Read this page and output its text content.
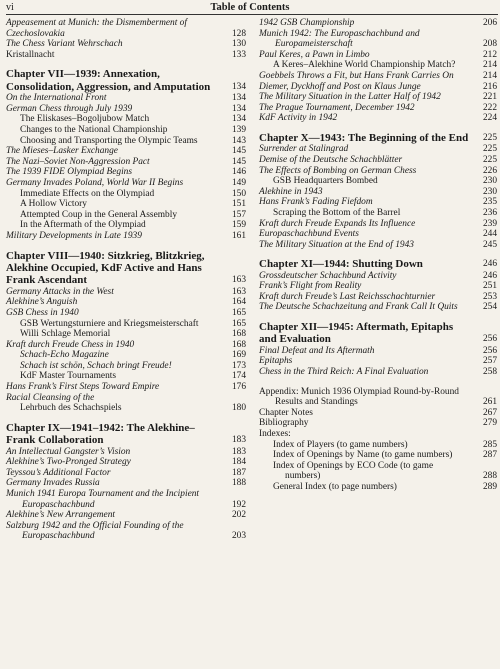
vi	Table of Contents
Appeasement at Munich: the Dismemberment of Czechoslovakia	128
The Chess Variant Wehrschach	130
Kristallnacht	133
Chapter VII—1939: Annexation, Consolidation, Aggression, and Amputation	134
On the International Front	134
German Chess through July 1939	134
The Eliskases–Bogoljubow Match	134
Changes to the National Championship	139
Choosing and Transporting the Olympic Teams	143
The Mieses–Lasker Exchange	145
The Nazi–Soviet Non-Aggression Pact	145
The 1939 FIDE Olympiad Begins	146
Germany Invades Poland, World War II Begins	149
Immediate Effects on the Olympiad	150
A Hollow Victory	151
Attempted Coup in the General Assembly	157
In the Aftermath of the Olympiad	159
Military Developments in Late 1939	161
Chapter VIII—1940: Sitzkrieg, Blitzkrieg, Alekhine Occupied, KdF Active and Hans Frank Ascendant	163
Germany Attacks in the West	163
Alekhine’s Anguish	164
GSB Chess in 1940	165
GSB Wertungsturniere and Kriegsmeisterschaft	165
Willi Schlage Memorial	168
Kraft durch Freude Chess in 1940	168
Schach-Echo Magazine	169
Schach ist schön, Schach bringt Freude!	173
KdF Master Tournaments	174
Hans Frank’s First Steps Toward Empire	176
Racial Cleansing of the
Lehrbuch des Schachspiels	180
Chapter IX—1941–1942: The Alekhine–Frank Collaboration	183
An Intellectual Gangster’s Vision	183
Alekhine’s Two-Pronged Strategy	184
Teyssou’s Additional Factor	187
Germany Invades Russia	188
Munich 1941 Europa Tournament and the Incipient Europaschachbund	192
Alekhine’s New Arrangement	202
Salzburg 1942 and the Official Founding of the Europaschachbund	203
1942 GSB Championship	206
Munich 1942: The Europaschachbund and Europameisterschaft	208
Paul Keres, a Pawn in Limbo	212
A Keres–Alekhine World Championship Match?	214
Goebbels Throws a Fit, but Hans Frank Carries On	214
Diemer, Dyckhoff and Post on Klaus Junge	216
The Military Situation in the Latter Half of 1942	221
The Prague Tournament, December 1942	222
KdF Activity in 1942	224
Chapter X—1943: The Beginning of the End	225
Surrender at Stalingrad	225
Demise of the Deutsche Schachblätter	225
The Effects of Bombing on German Chess	226
GSB Headquarters Bombed	230
Alekhine in 1943	230
Hans Frank’s Fading Fiefdom	235
Scraping the Bottom of the Barrel	236
Kraft durch Freude Expands Its Influence	239
Europaschachbund Events	244
The Military Situation at the End of 1943	245
Chapter XI—1944: Shutting Down	246
Grossdeutscher Schachbund Activity	246
Frank’s Flight from Reality	251
Kraft durch Freude’s Last Reichsschachturnier	253
The Deutsche Schachzeitung and Frank Call It Quits	254
Chapter XII—1945: Aftermath, Epitaphs and Evaluation	256
Final Defeat and Its Aftermath	256
Epitaphs	257
Chess in the Third Reich: A Final Evaluation	258
Appendix: Munich 1936 Olympiad Round-by-Round Results and Standings	261
Chapter Notes	267
Bibliography	279
Indexes:
Index of Players (to game numbers)	285
Index of Openings by Name (to game numbers)	287
Index of Openings by ECO Code (to game numbers)	288
General Index (to page numbers)	289
